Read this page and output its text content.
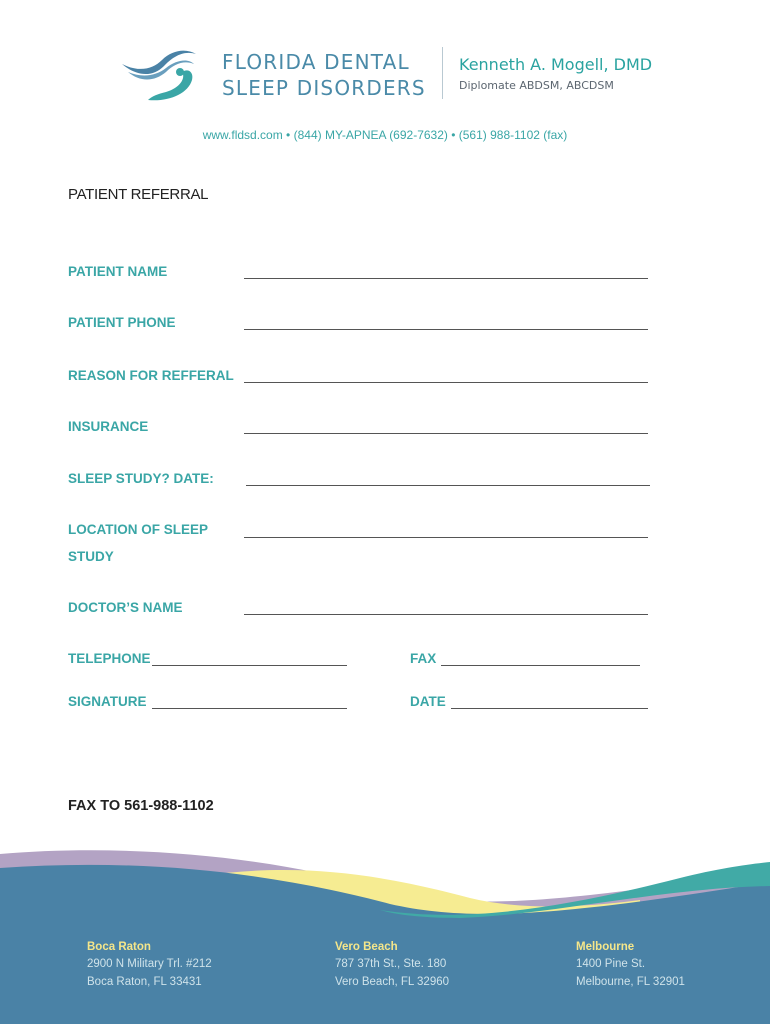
FLORIDA DENTAL
SLEEP DISORDERS
Kenneth A. Mogell, DMD
Diplomate ABDSM, ABCDSM
www.fldsd.com • (844) MY-APNEA (692-7632) • (561) 988-1102 (fax)
PATIENT REFERRAL
PATIENT NAME
PATIENT PHONE
REASON FOR REFFERAL
INSURANCE
SLEEP STUDY? DATE:
LOCATION OF SLEEP
STUDY
DOCTOR’S NAME
TELEPHONE	FAX
SIGNATURE	DATE
FAX TO 561-988-1102
Boca Raton
2900 N Military Trl. #212
Boca Raton, FL 33431
Vero Beach
787 37th St., Ste. 180
Vero Beach, FL 32960
Melbourne
1400 Pine St.
Melbourne, FL 32901
